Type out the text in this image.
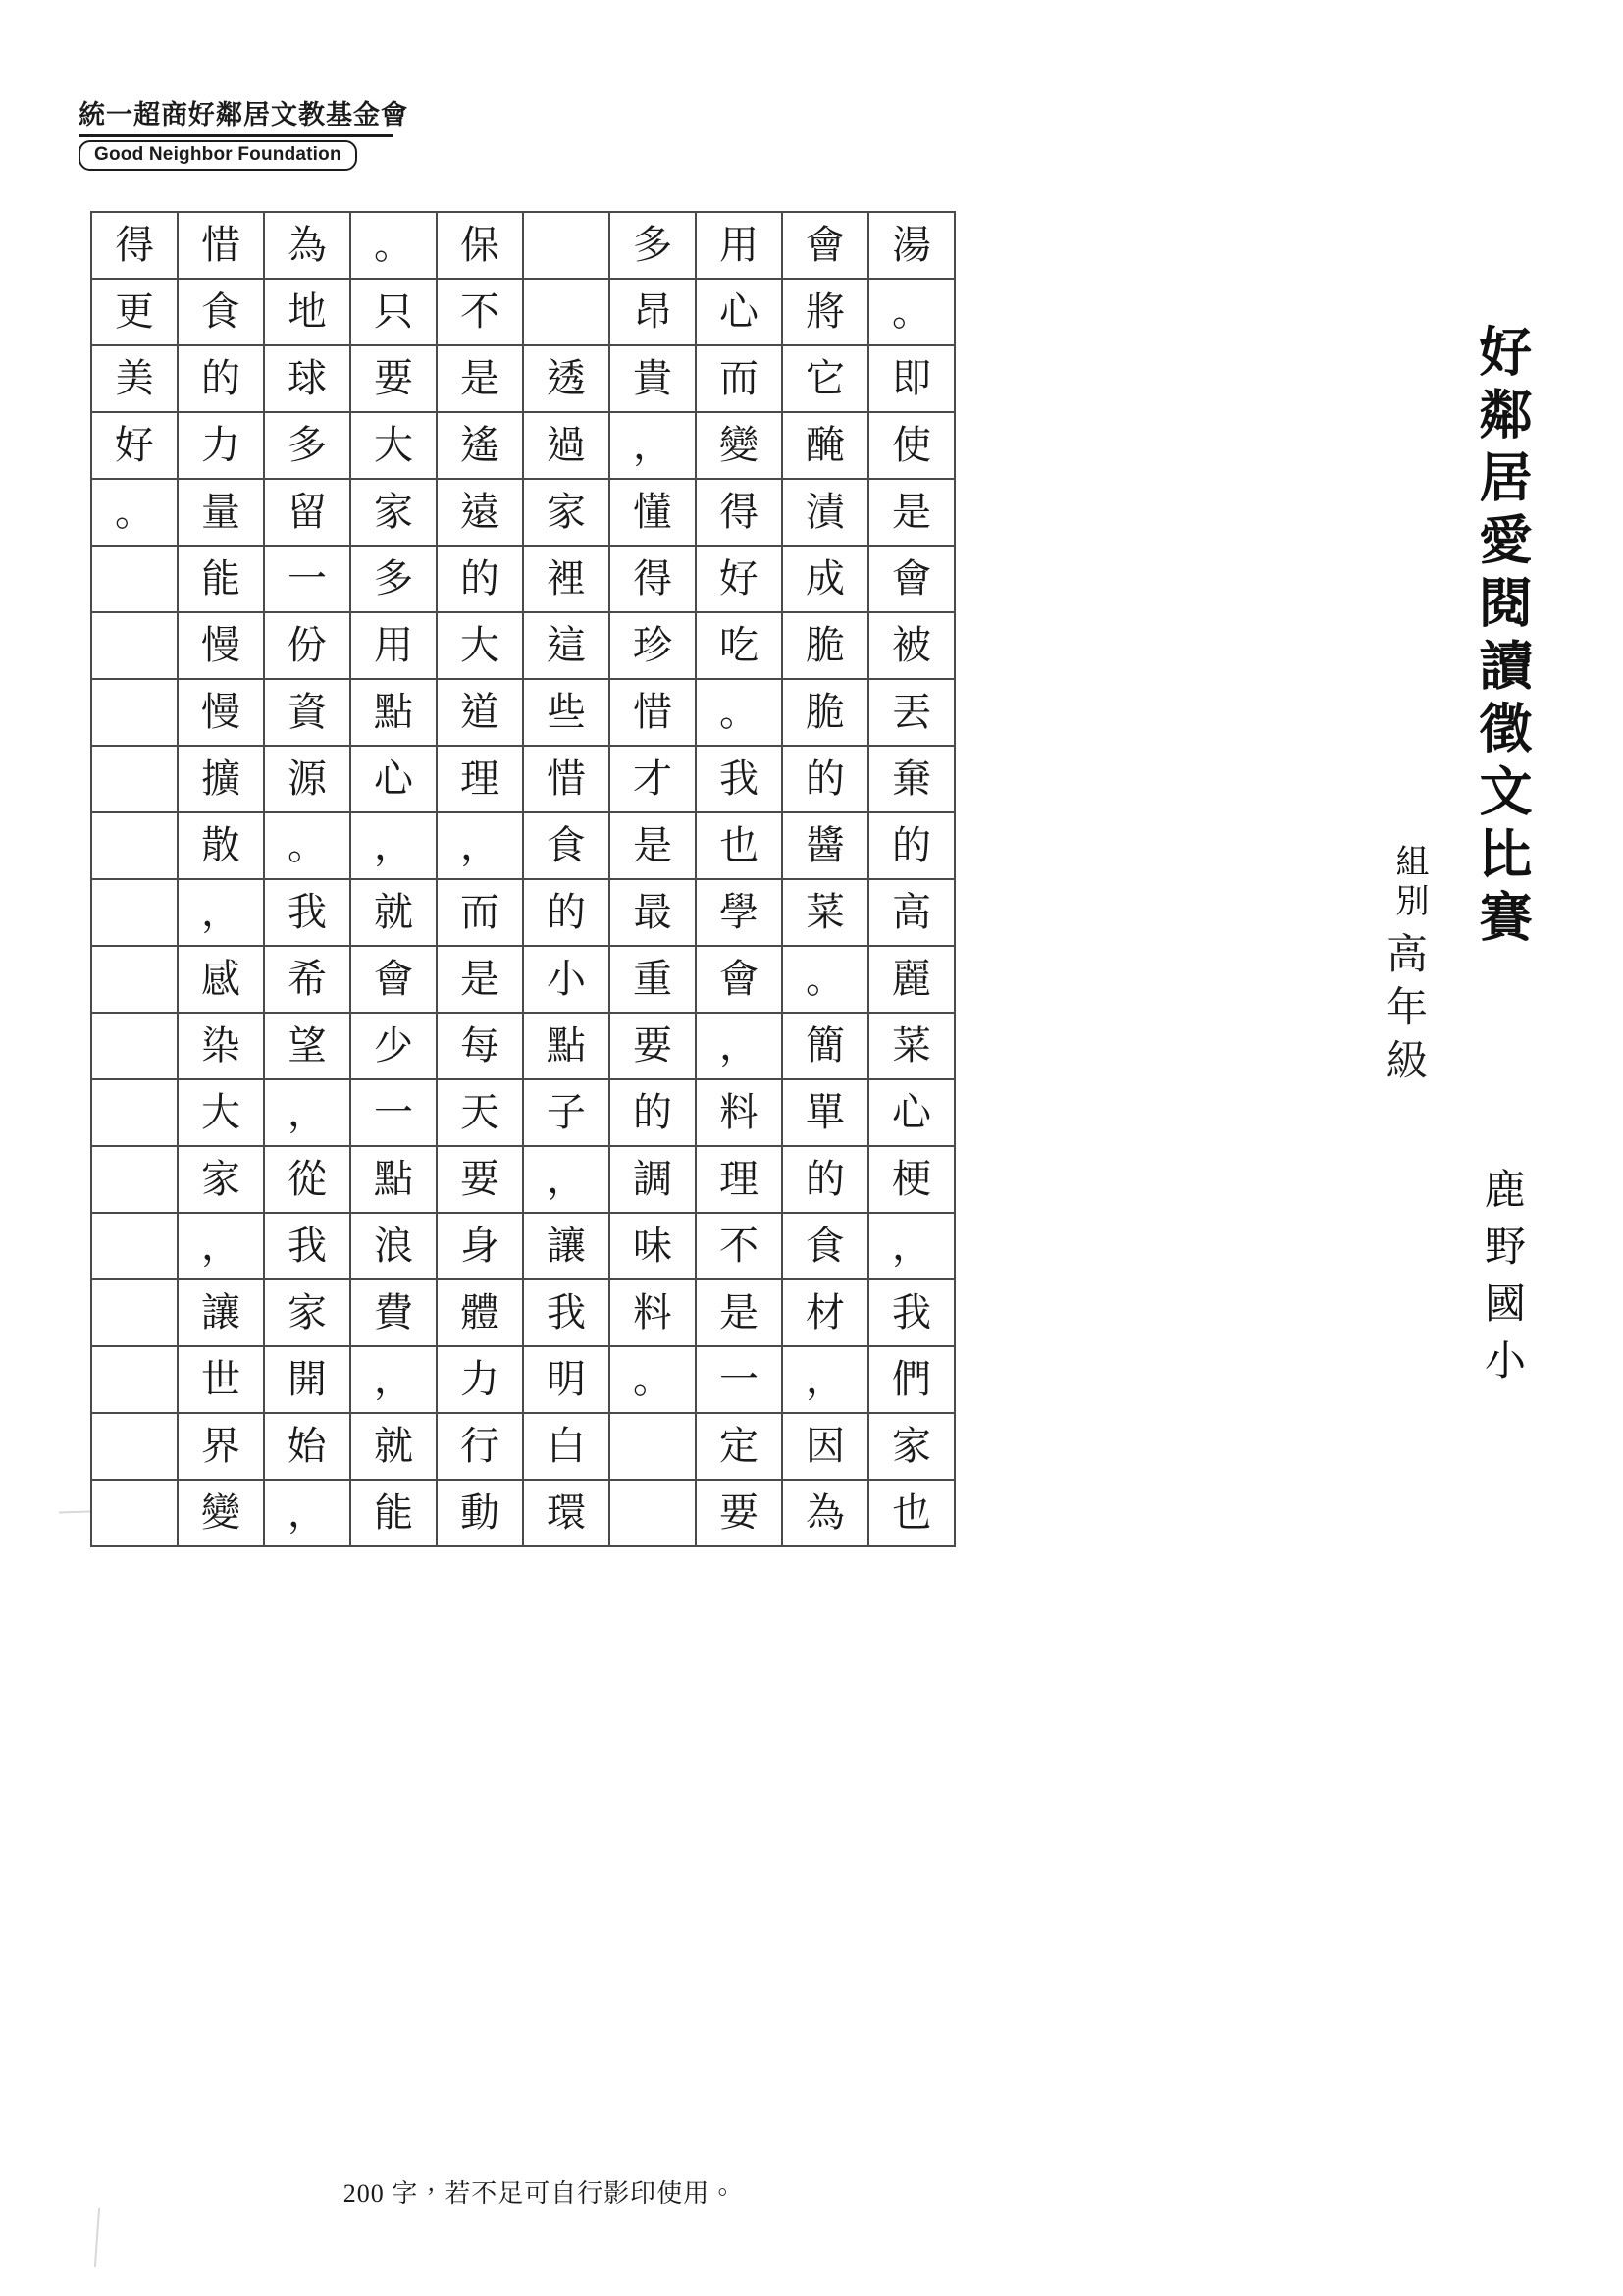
統一超商好鄰居文教基金會
Good Neighbor Foundation
得	惜	為	。	保		多	用	會	湯
更	食	地	只	不		昂	心	將	。
美	的	球	要	是	透	貴	而	它	即
好	力	多	大	遙	過	，	變	醃	使
。	量	留	家	遠	家	懂	得	漬	是
	能	一	多	的	裡	得	好	成	會
	慢	份	用	大	這	珍	吃	脆	被
	慢	資	點	道	些	惜	。	脆	丟
	擴	源	心	理	惜	才	我	的	棄
	散	。	，	，	食	是	也	醬	的
	，	我	就	而	的	最	學	菜	高
	感	希	會	是	小	重	會	。	麗
	染	望	少	每	點	要	，	簡	菜
	大	，	一	天	子	的	料	單	心
	家	從	點	要	，	調	理	的	梗
	，	我	浪	身	讓	味	不	食	，
	讓	家	費	體	我	料	是	材	我
	世	開	，	力	明	。	一	，	們
	界	始	就	行	白		定	因	家
	變	，	能	動	環		要	為	也
好鄰居愛閱讀徵文比賽
組別:
高年級
鹿野國小
200 字，若不足可自行影印使用。
